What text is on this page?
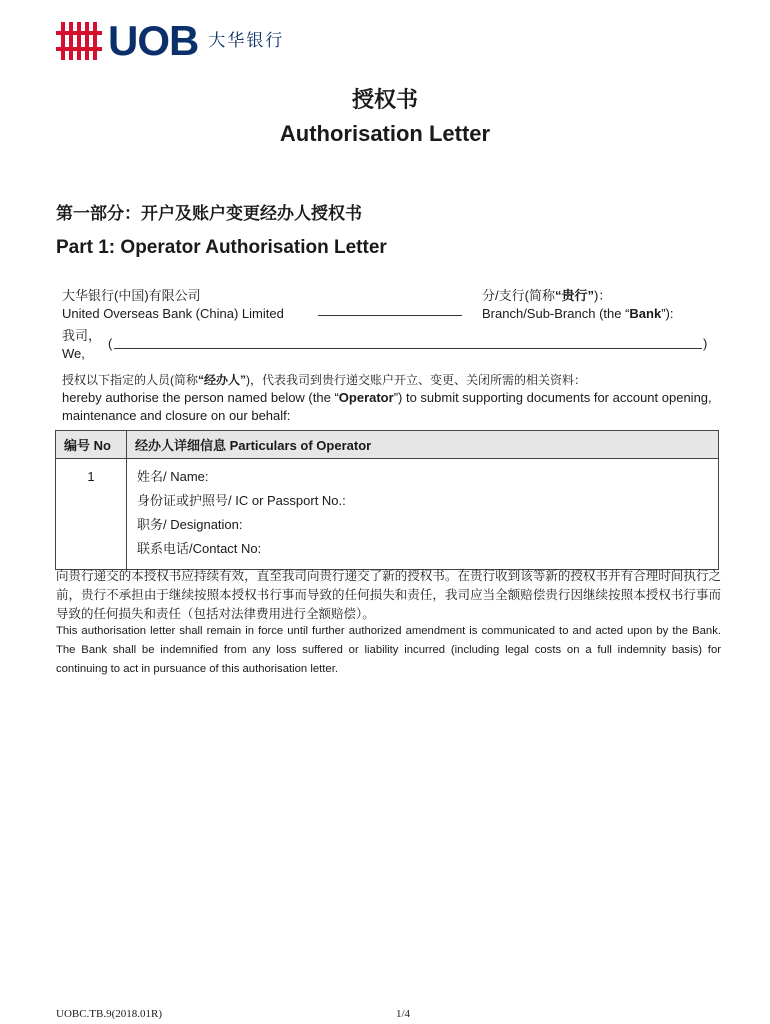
UOB 大华银行
授权书
Authorisation Letter
第一部分：开户及账户变更经办人授权书
Part 1: Operator Authorisation Letter
大华银行(中国)有限公司
United Overseas Bank (China) Limited
分/支行(简称“贵行”)：
Branch/Sub-Branch (the “Bank”):
我司，
We,
(	)
授权以下指定的人员(简称“经办人”)，代表我司到贵行递交账户开立、变更、关闭所需的相关资料：
hereby authorise the person named below (the “Operator”) to submit supporting documents for account opening, maintenance and closure on our behalf:
编号 No	经办人详细信息 Particulars of Operator
1	姓名/ Name:
身份证或护照号/ IC or Passport No.:
职务/ Designation:
联系电话/Contact No:
向贵行递交的本授权书应持续有效，直至我司向贵行递交了新的授权书。在贵行收到该等新的授权书并有合理时间执行之前，贵行不承担由于继续按照本授权书行事而导致的任何损失和责任，我司应当全额赔偿贵行因继续按照本授权书行事而导致的任何损失和责任（包括对法律费用进行全额赔偿）。
This authorisation letter shall remain in force until further authorized amendment is communicated to and acted upon by the Bank. The Bank shall be indemnified from any loss suffered or liability incurred (including legal costs on a full indemnity basis) for continuing to act in pursuance of this authorisation letter.
UOBC.TB.9(2018.01R)	1/4
